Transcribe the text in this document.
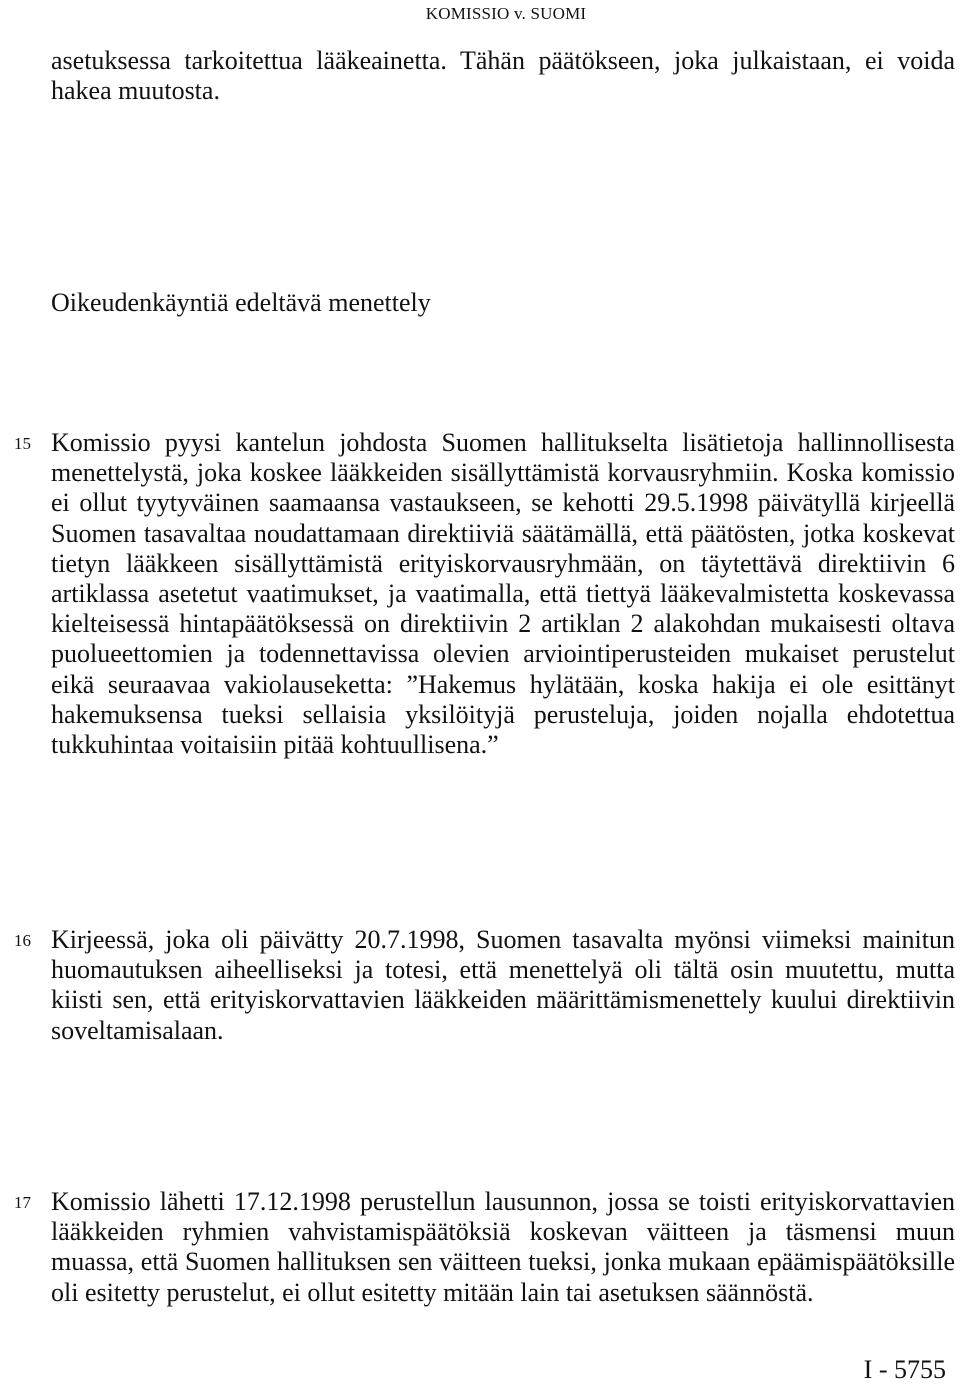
KOMISSIO v. SUOMI

asetuksessa tarkoitettua lääkeainetta. Tähän päätökseen, joka julkaistaan, ei voida hakea muutosta.

Oikeudenkäyntiä edeltävä menettely
15 Komissio pyysi kantelun johdosta Suomen hallitukselta lisätietoja hallinnollisesta menettelystä, joka koskee lääkkeiden sisällyttämistä korvausryhmiin. Koska komissio ei ollut tyytyväinen saamaansa vastaukseen, se kehotti 29.5.1998 päivätyllä kirjeellä Suomen tasavaltaa noudattamaan direktiiviä säätämällä, että päätösten, jotka koskevat tietyn lääkkeen sisällyttämistä erityiskorvausryhmään, on täytettävä direktiivin 6 artiklassa asetetut vaatimukset, ja vaatimalla, että tiettyä lääkevalmistetta koskevassa kielteisessä hintapäätöksessä on direktiivin 2 artiklan 2 alakohdan mukaisesti oltava puolueettomien ja todennettavissa olevien arviointiperusteiden mukaiset perustelut eikä seuraavaa vakiolauseketta: ”Hakemus hylätään, koska hakija ei ole esittänyt hakemuksensa tueksi sellaisia yksilöityjä perusteluja, joiden nojalla ehdotettua tukkuhintaa voitaisiin pitää kohtuullisena.”

16 Kirjeessä, joka oli päivätty 20.7.1998, Suomen tasavalta myönsi viimeksi mainitun huomautuksen aiheelliseksi ja totesi, että menettelyä oli tältä osin muutettu, mutta kiisti sen, että erityiskorvattavien lääkkeiden määrittämismenettely kuului direktiivin soveltamisalaan.

17 Komissio lähetti 17.12.1998 perustellun lausunnon, jossa se toisti erityiskorvattavien lääkkeiden ryhmien vahvistamispäätöksiä koskevan väitteen ja täsmensi muun muassa, että Suomen hallituksen sen väitteen tueksi, jonka mukaan epäämispäätöksille oli esitetty perustelut, ei ollut esitetty mitään lain tai asetuksen säännöstä.

I - 5755
